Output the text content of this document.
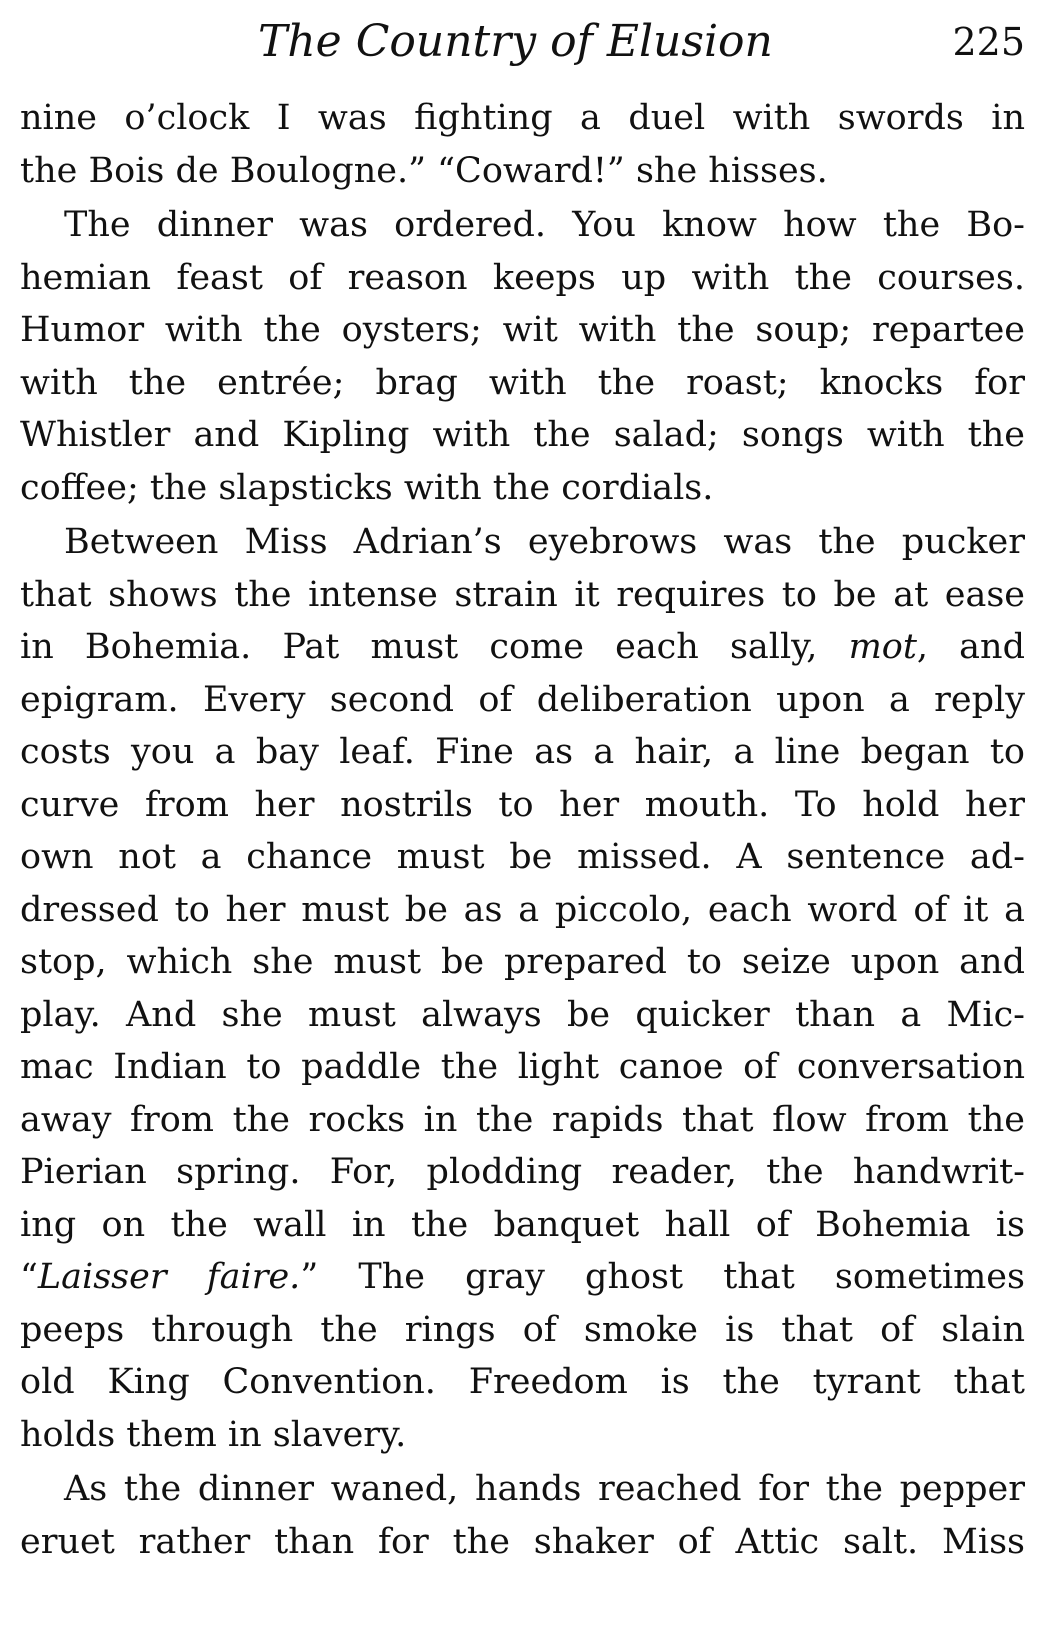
The Country of Elusion	225
nine o’clock I was fighting a duel with swords in
the Bois de Boulogne.” “Coward!” she hisses.
The dinner was ordered. You know how the Bo-
hemian feast of reason keeps up with the courses.
Humor with the oysters; wit with the soup; repartee
with the entrée; brag with the roast; knocks for
Whistler and Kipling with the salad; songs with the
coffee; the slapsticks with the cordials.
Between Miss Adrian’s eyebrows was the pucker
that shows the intense strain it requires to be at ease
in Bohemia. Pat must come each sally, mot, and
epigram. Every second of deliberation upon a reply
costs you a bay leaf. Fine as a hair, a line began to
curve from her nostrils to her mouth. To hold her
own not a chance must be missed. A sentence ad-
dressed to her must be as a piccolo, each word of it a
stop, which she must be prepared to seize upon and
play. And she must always be quicker than a Mic-
mac Indian to paddle the light canoe of conversation
away from the rocks in the rapids that flow from the
Pierian spring. For, plodding reader, the handwrit-
ing on the wall in the banquet hall of Bohemia is
“Laisser faire.” The gray ghost that sometimes
peeps through the rings of smoke is that of slain
old King Convention. Freedom is the tyrant that
holds them in slavery.
As the dinner waned, hands reached for the pepper
eruet rather than for the shaker of Attic salt. Miss
